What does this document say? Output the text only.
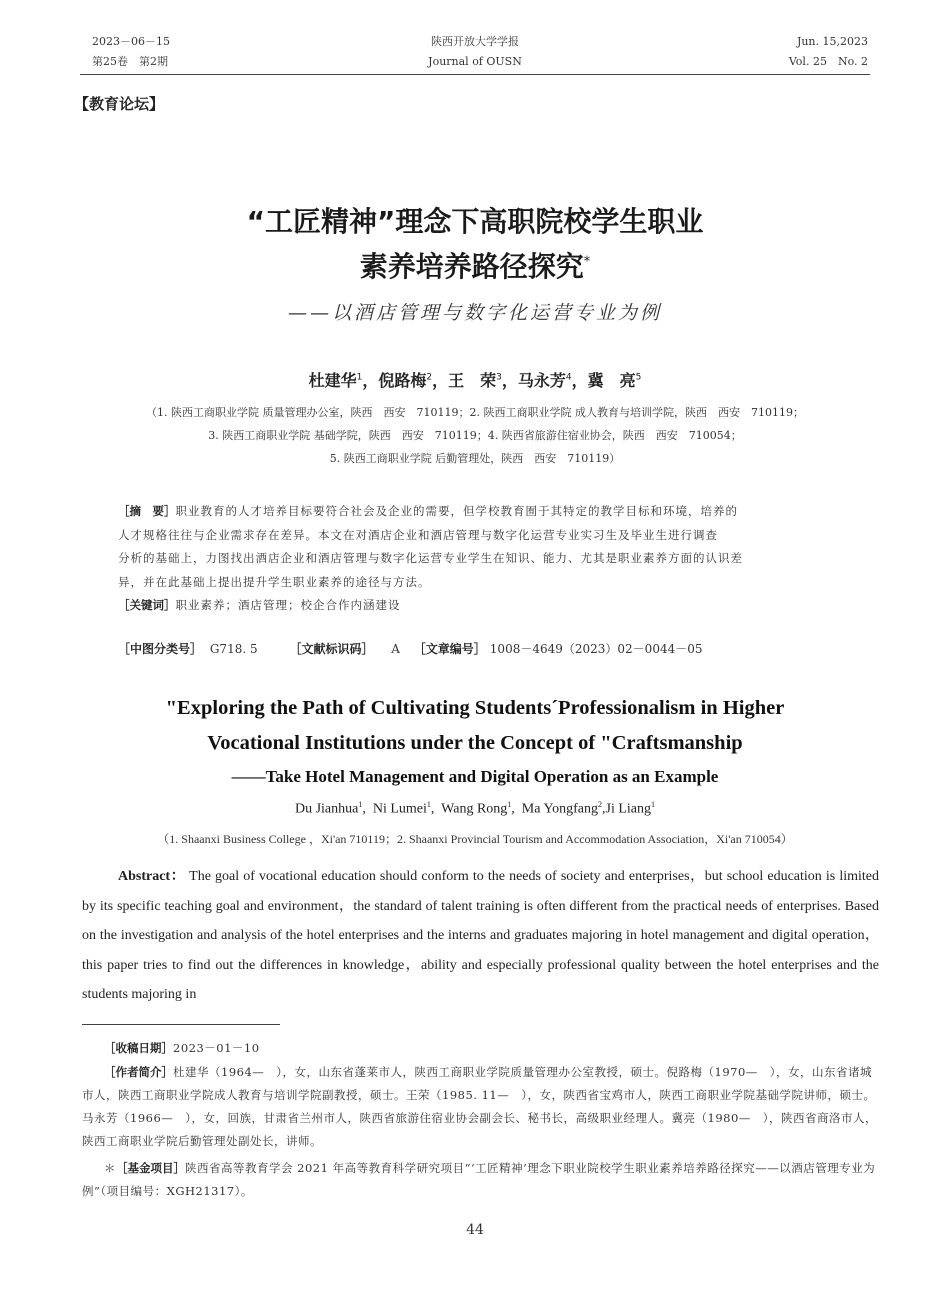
2023－06－15
第25卷　第2期
陕西开放大学学报
Journal of OUSN
Jun. 15,2023
Vol. 25　No. 2
【教育论坛】
“工匠精神”理念下高职院校学生职业
素养培养路径探究*
——以酒店管理与数字化运营专业为例
杜建华$^1$，倪路梅$^2$，王　荣$^3$，马永芳$^4$，冀　亮$^5$
（1. 陕西工商职业学院 质量管理办公室，陕西　西安　710119；2. 陕西工商职业学院 成人教育与培训学院，陕西　西安　710119；
3. 陕西工商职业学院 基础学院，陕西　西安　710119；4. 陕西省旅游住宿业协会，陕西　西安　710054；
5. 陕西工商职业学院 后勤管理处，陕西　西安　710119）
［摘　要］职业教育的人才培养目标要符合社会及企业的需要，但学校教育囿于其特定的教学目标和环境，培养的
人才规格往往与企业需求存在差异。本文在对酒店企业和酒店管理与数字化运营专业实习生及毕业生进行调查
分析的基础上，力图找出酒店企业和酒店管理与数字化运营专业学生在知识、能力、尤其是职业素养方面的认识差
异，并在此基础上提出提升学生职业素养的途径与方法。
［关键词］职业素养；酒店管理；校企合作内涵建设
［中图分类号］ G718. 5	［文献标识码］ A ［文章编号］ 1008－4649（2023）02－0044－05
"Exploring the Path of Cultivating Students´Professionalism in Higher
Vocational Institutions under the Concept of "Craftsmanship
——Take Hotel Management and Digital Operation as an Example
Du Jianhua$^1$,  Ni Lumei$^1$,  Wang Rong$^1$,  Ma Yongfang$^2$,Ji Liang$^1$
（1. Shaanxi Business College ，Xi'an 710119；2. Shaanxi Provincial Tourism and Accommodation Association，Xi'an 710054）

Abstract： The goal of vocational education should conform to the needs of society and enterprises，but school education is limited by its specific teaching goal and environment，the standard of talent training is often different from the practical needs of enterprises. Based on the investigation and analysis of the hotel enterprises and the interns and graduates majoring in hotel management and digital operation，this paper tries to find out the differences in knowledge，ability and especially professional quality between the hotel enterprises and the students majoring in

［收稿日期］2023－01－10

［作者简介］杜建华（1964—　），女，山东省蓬莱市人，陕西工商职业学院质量管理办公室教授，硕士。倪路梅（1970—　），女，山东省诸城市人，陕西工商职业学院成人教育与培训学院副教授，硕士。王荣（1985. 11—　），女，陕西省宝鸡市人，陕西工商职业学院基础学院讲师，硕士。马永芳（1966—　），女，回族，甘肃省兰州市人，陕西省旅游住宿业协会副会长、秘书长，高级职业经理人。冀亮（1980—　），陕西省商洛市人，陕西工商职业学院后勤管理处副处长，讲师。

＊［基金项目］陕西省高等教育学会 2021 年高等教育科学研究项目“‘工匠精神’理念下职业院校学生职业素养培养路径探究——以酒店管理专业为例”（项目编号：XGH21317）。

44
